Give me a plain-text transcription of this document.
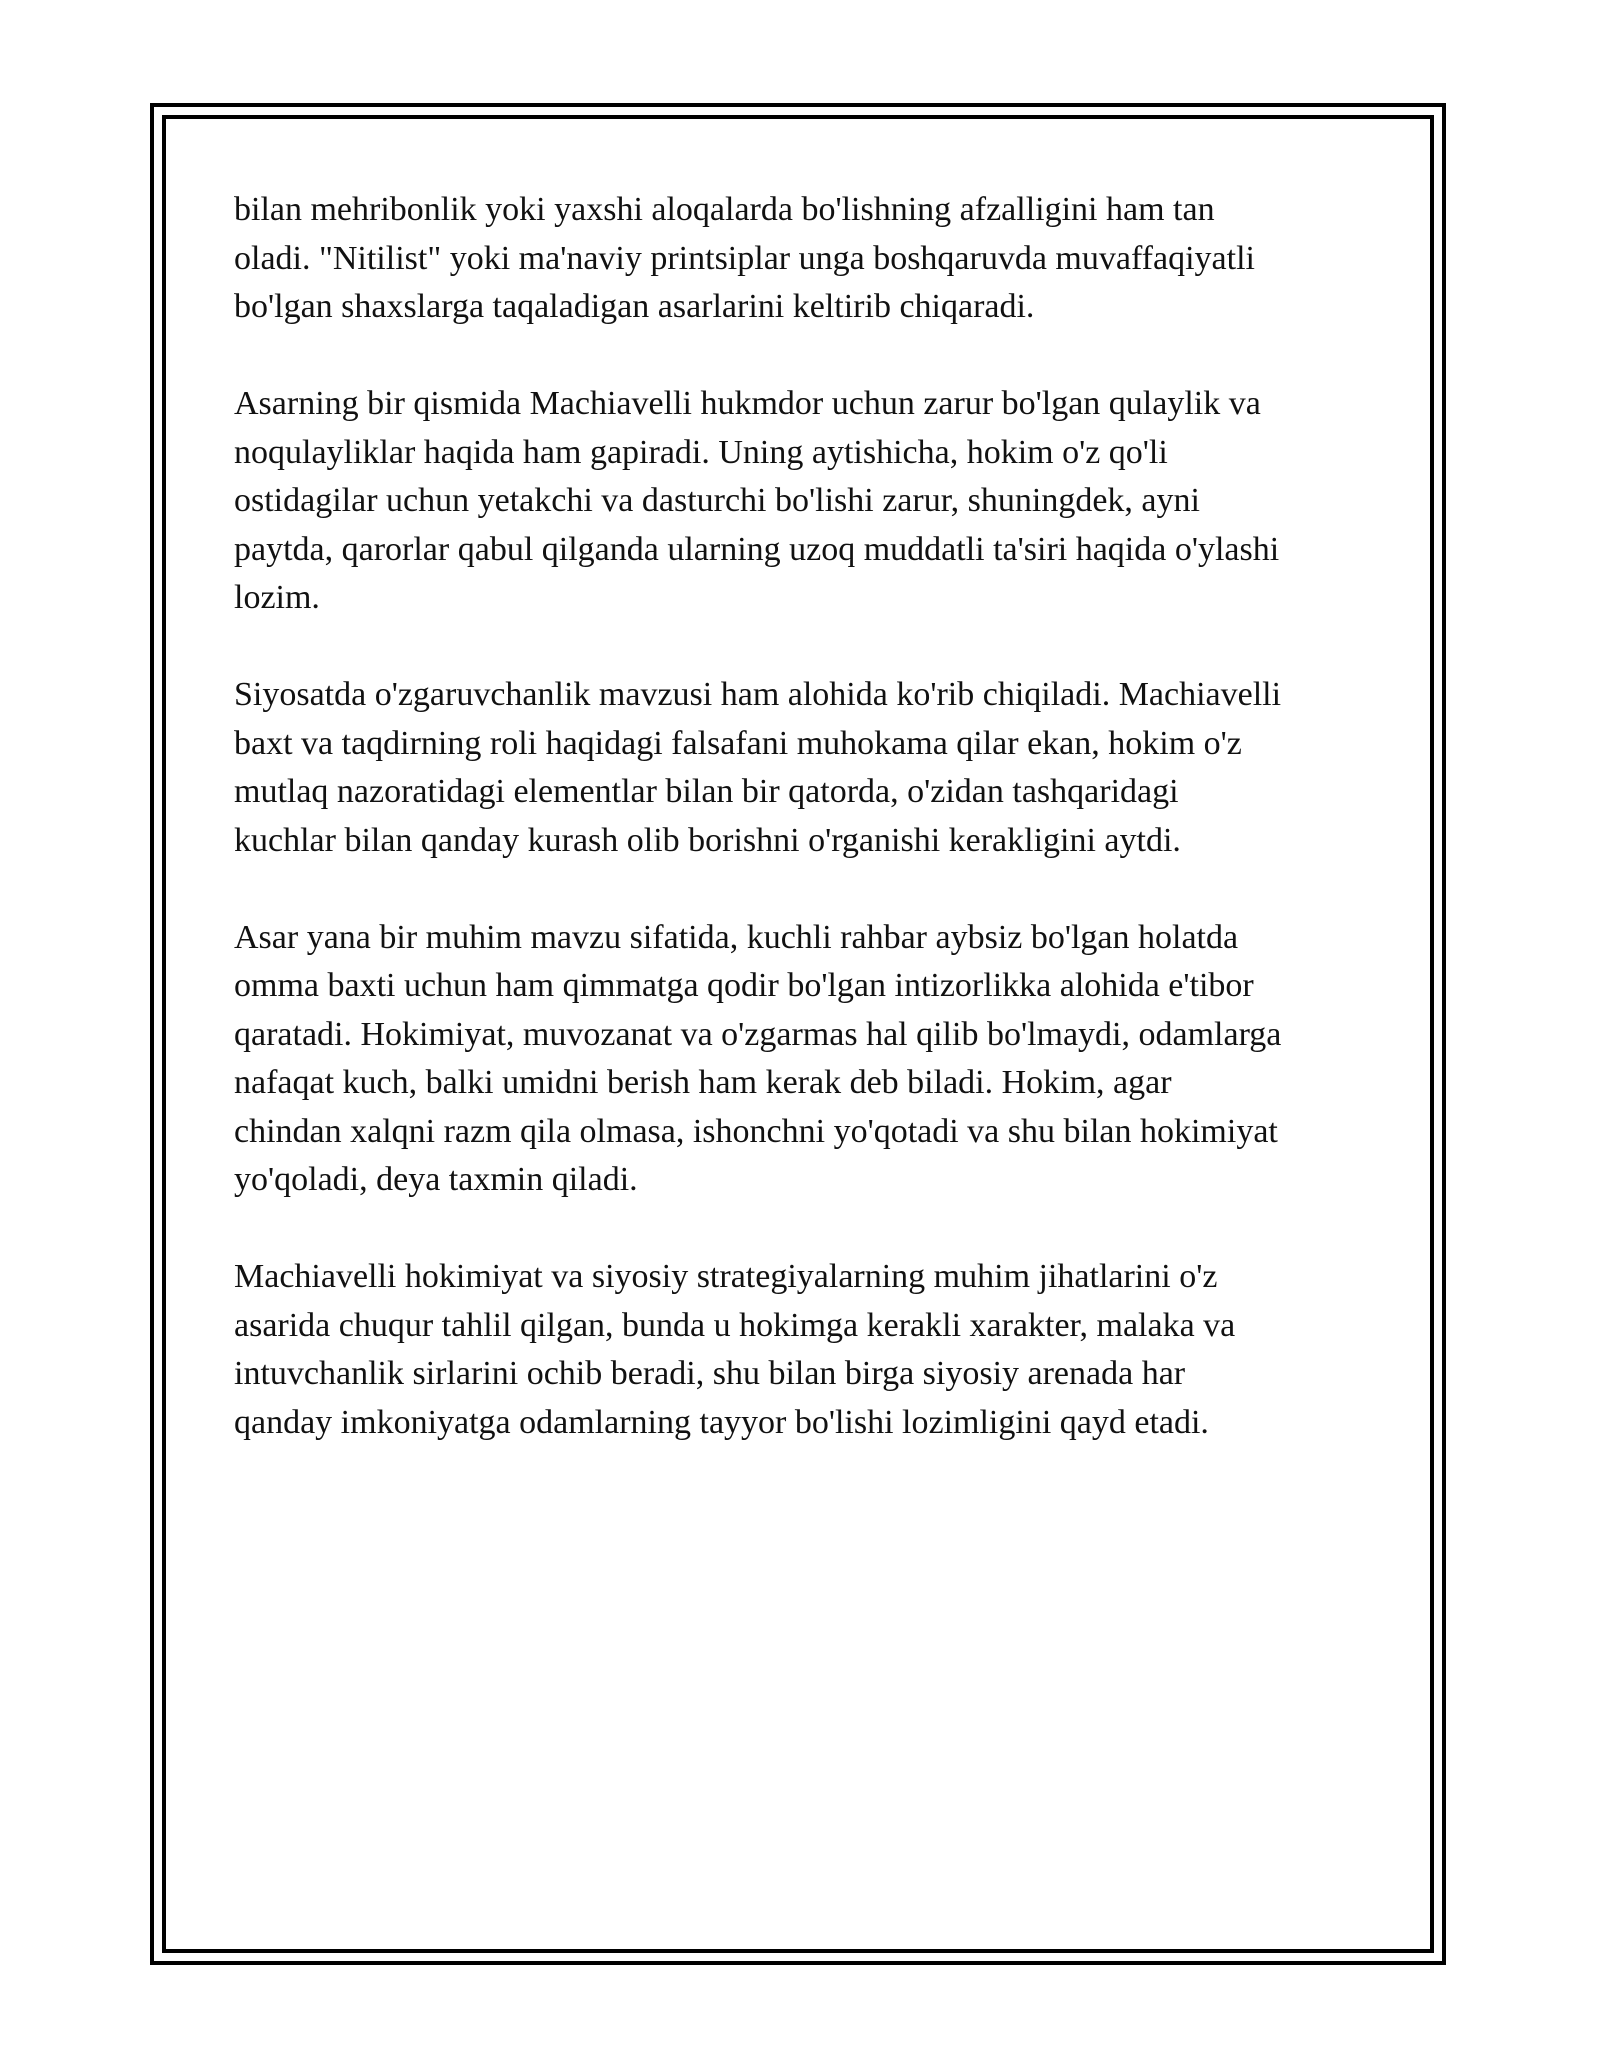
bilan mehribonlik yoki yaxshi aloqalarda bo'lishning afzalligini ham tan
oladi. "Nitilist" yoki ma'naviy printsiplar unga boshqaruvda muvaffaqiyatli
bo'lgan shaxslarga taqaladigan asarlarini keltirib chiqaradi.

Asarning bir qismida Machiavelli hukmdor uchun zarur bo'lgan qulaylik va
noqulayliklar haqida ham gapiradi. Uning aytishicha, hokim o'z qo'li
ostidagilar uchun yetakchi va dasturchi bo'lishi zarur, shuningdek, ayni
paytda, qarorlar qabul qilganda ularning uzoq muddatli ta'siri haqida o'ylashi
lozim.

Siyosatda o'zgaruvchanlik mavzusi ham alohida ko'rib chiqiladi. Machiavelli
baxt va taqdirning roli haqidagi falsafani muhokama qilar ekan, hokim o'z
mutlaq nazoratidagi elementlar bilan bir qatorda, o'zidan tashqaridagi
kuchlar bilan qanday kurash olib borishni o'rganishi kerakligini aytdi.

Asar yana bir muhim mavzu sifatida, kuchli rahbar aybsiz bo'lgan holatda
omma baxti uchun ham qimmatga qodir bo'lgan intizorlikka alohida e'tibor
qaratadi. Hokimiyat, muvozanat va o'zgarmas hal qilib bo'lmaydi, odamlarga
nafaqat kuch, balki umidni berish ham kerak deb biladi. Hokim, agar
chindan xalqni razm qila olmasa, ishonchni yo'qotadi va shu bilan hokimiyat
yo'qoladi, deya taxmin qiladi.

Machiavelli hokimiyat va siyosiy strategiyalarning muhim jihatlarini o'z
asarida chuqur tahlil qilgan, bunda u hokimga kerakli xarakter, malaka va
intuvchanlik sirlarini ochib beradi, shu bilan birga siyosiy arenada har
qanday imkoniyatga odamlarning tayyor bo'lishi lozimligini qayd etadi.
